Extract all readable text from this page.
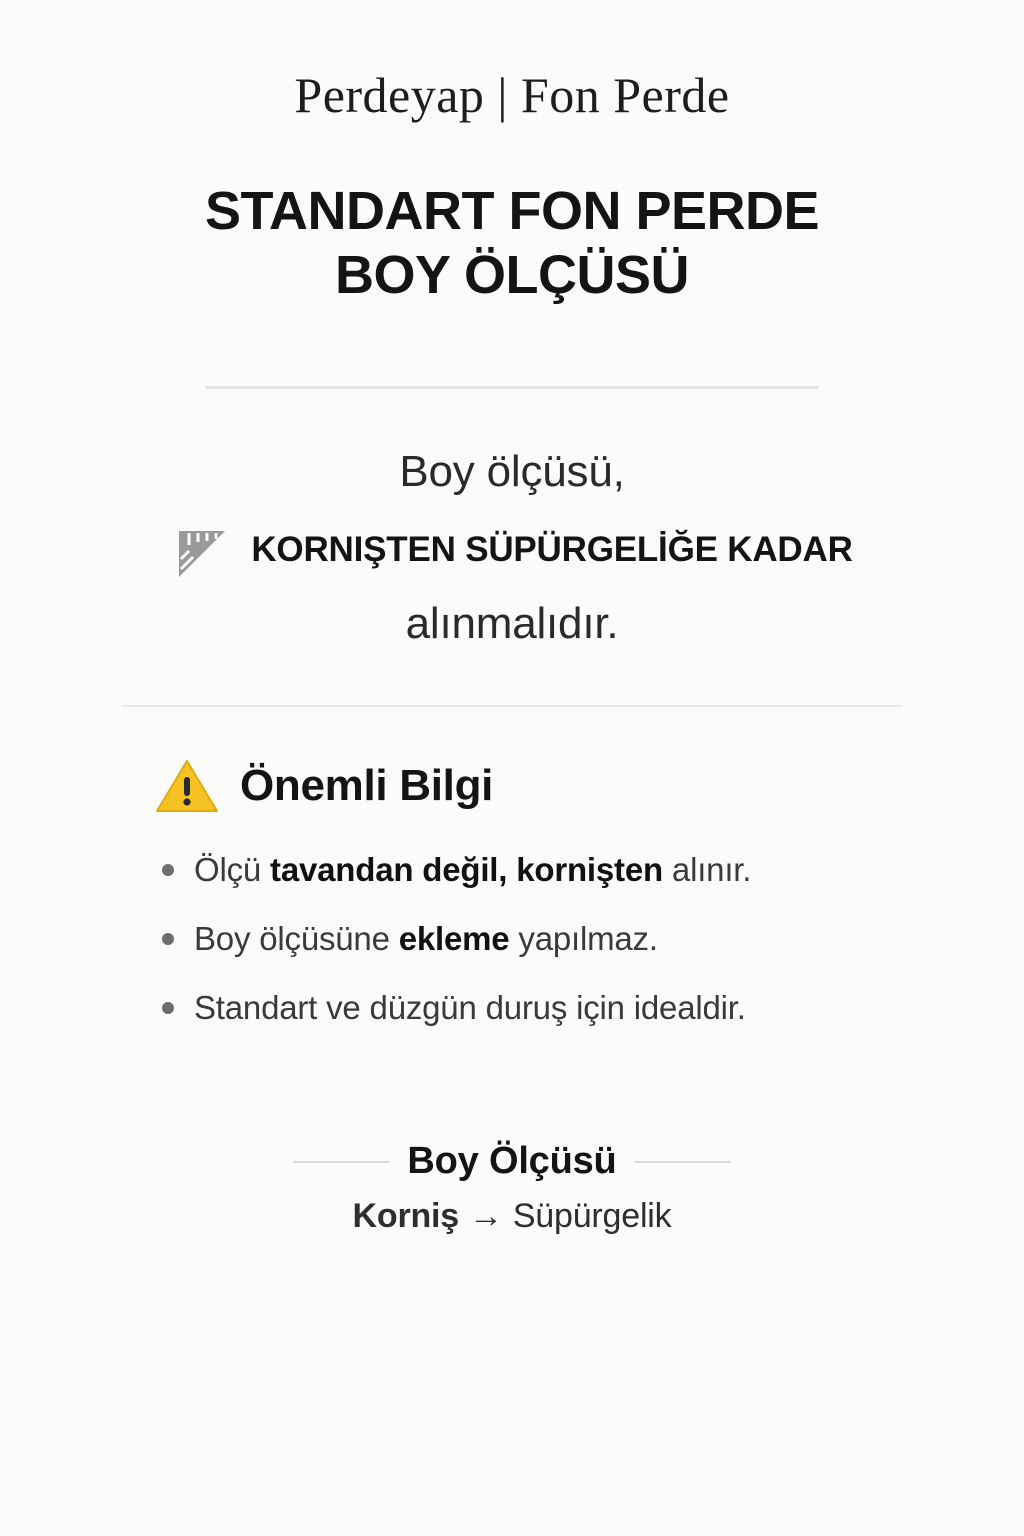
Perdeyap | Fon Perde
STANDART FON PERDE
BOY ÖLÇÜSÜ
Boy ölçüsü,
KORNIŞTEN SÜPÜRGELİĞE KADAR
alınmalıdır.
Önemli Bilgi
Ölçü tavandan değil, kornişten alınır.
Boy ölçüsüne ekleme yapılmaz.
Standart ve düzgün duruş için idealdir.
Boy Ölçüsü
Korniş → Süpürgelik
